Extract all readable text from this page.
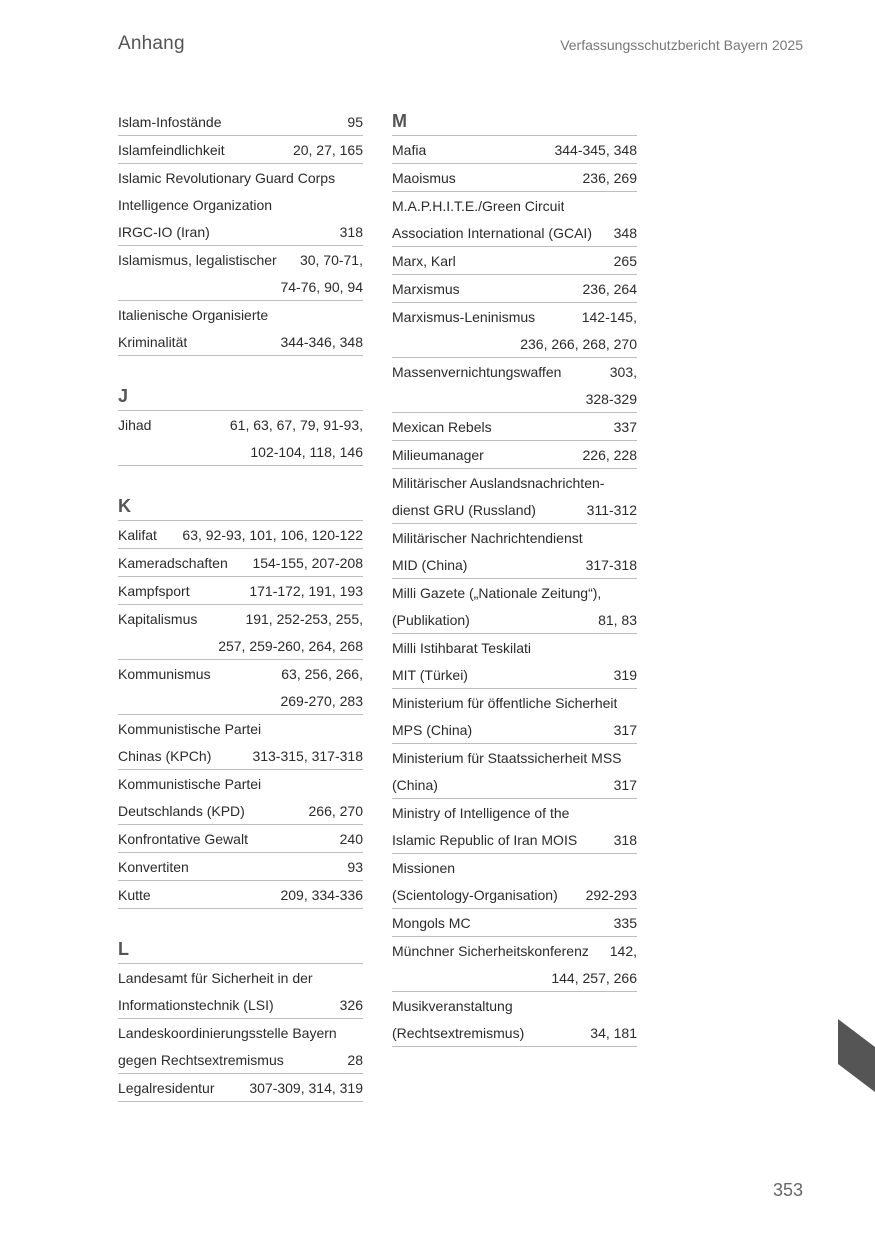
Anhang	Verfassungsschutzbericht Bayern 2025
Islam-Infostände	95
Islamfeindlichkeit	20, 27, 165
Islamic Revolutionary Guard Corps
Intelligence Organization
IRGC-IO (Iran)	318
Islamismus, legalistischer 30, 70-71,
74-76, 90, 94
Italienische Organisierte
Kriminalität	344-346, 348
J
Jihad	61, 63, 67, 79, 91-93,
102-104, 118, 146
K
Kalifat 63, 92-93, 101, 106, 120-122
Kameradschaften 154-155, 207-208
Kampfsport	171-172, 191, 193
Kapitalismus	191, 252-253, 255,
257, 259-260, 264, 268
Kommunismus	63, 256, 266,
269-270, 283
Kommunistische Partei
Chinas (KPCh)	313-315, 317-318
Kommunistische Partei
Deutschlands (KPD)	266, 270
Konfrontative Gewalt	240
Konvertiten	93
Kutte	209, 334-336
L
Landesamt für Sicherheit in der
Informationstechnik (LSI)	326
Landeskoordinierungsstelle Bayern
gegen Rechtsextremismus	28
Legalresidentur 307-309, 314, 319
M
Mafia	344-345, 348
Maoismus	236, 269
M.A.P.H.I.T.E./Green Circuit
Association International (GCAI) 348
Marx, Karl	265
Marxismus	236, 264
Marxismus-Leninismus	142-145,
236, 266, 268, 270
Massenvernichtungswaffen	303,
328-329
Mexican Rebels	337
Milieumanager	226, 228
Militärischer Auslandsnachrichten-
dienst GRU (Russland)	311-312
Militärischer Nachrichtendienst
MID (China)	317-318
Milli Gazete („Nationale Zeitung“),
(Publikation)	81, 83
Milli Istihbarat Teskilati
MIT (Türkei)	319
Ministerium für öffentliche Sicherheit
MPS (China)	317
Ministerium für Staatssicherheit MSS
(China)	317
Ministry of Intelligence of the
Islamic Republic of Iran MOIS	318
Missionen
(Scientology-Organisation) 292-293
Mongols MC	335
Münchner Sicherheitskonferenz 142,
144, 257, 266
Musikveranstaltung
(Rechtsextremismus)	34, 181
353
